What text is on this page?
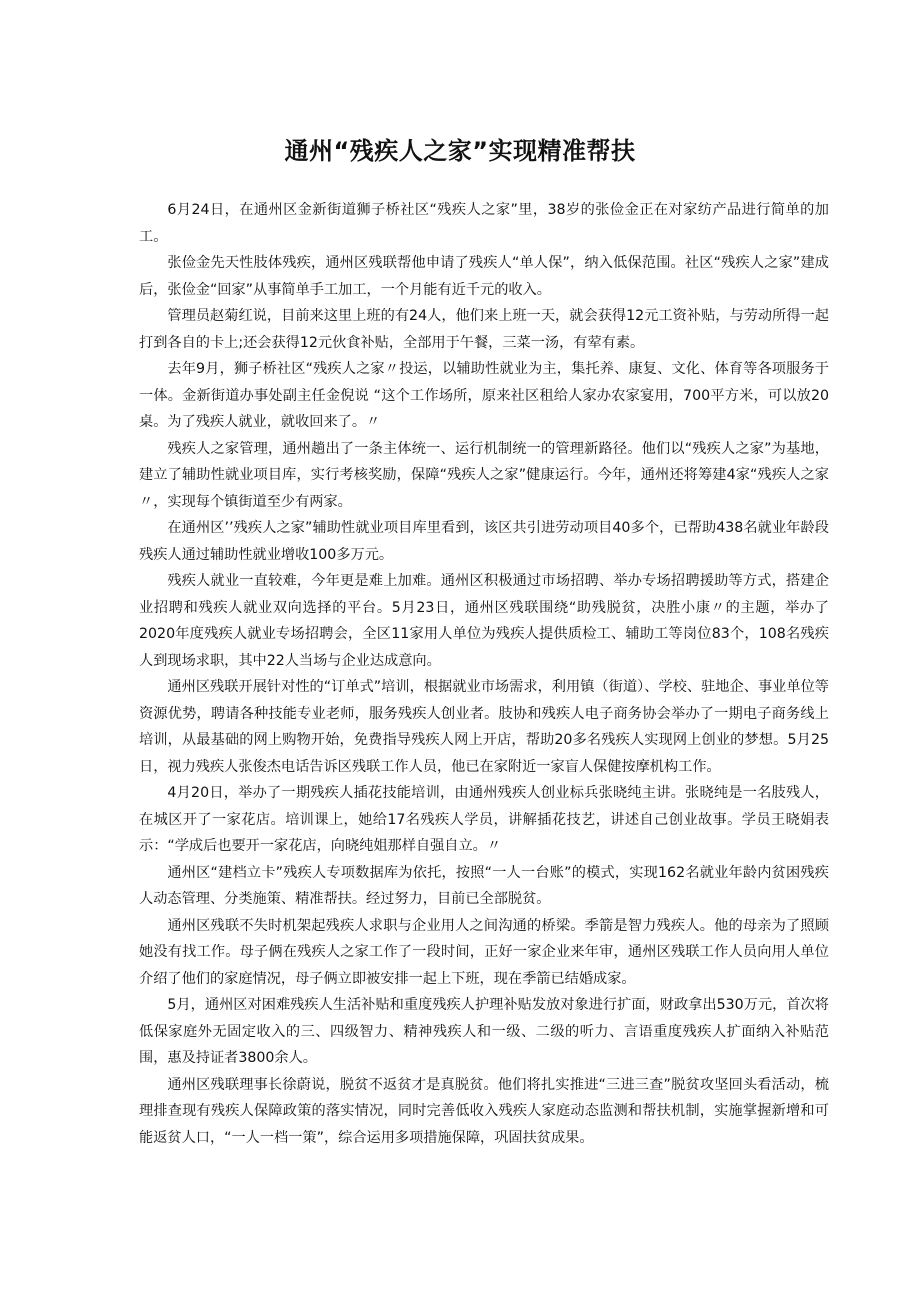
通州“残疾人之家”实现精准帮扶

6月24日，在通州区金新街道狮子桥社区“残疾人之家”里，38岁的张俭金正在对家纺产品进行简单的加工。

张俭金先天性肢体残疾，通州区残联帮他申请了残疾人“单人保”，纳入低保范围。社区“残疾人之家”建成后，张俭金“回家”从事简单手工加工，一个月能有近千元的收入。

管理员赵菊红说，目前来这里上班的有24人，他们来上班一天，就会获得12元工资补贴，与劳动所得一起打到各自的卡上;还会获得12元伙食补贴，全部用于午餐，三菜一汤，有荤有素。

去年9月，狮子桥社区“残疾人之家〃投运，以辅助性就业为主，集托养、康复、文化、体育等各项服务于一体。金新街道办事处副主任金倪说 “这个工作场所，原来社区租给人家办农家宴用，700平方米，可以放20桌。为了残疾人就业，就收回来了。〃

残疾人之家管理，通州趟出了一条主体统一、运行机制统一的管理新路径。他们以“残疾人之家”为基地，建立了辅助性就业项目库，实行考核奖励，保障“残疾人之家”健康运行。今年，通州还将筹建4家“残疾人之家〃，实现每个镇街道至少有两家。

在通州区’’残疾人之家”辅助性就业项目库里看到，该区共引进劳动项目40多个，已帮助438名就业年龄段残疾人通过辅助性就业增收100多万元。

残疾人就业一直较难，今年更是难上加难。通州区积极通过市场招聘、举办专场招聘援助等方式，搭建企业招聘和残疾人就业双向选择的平台。5月23日，通州区残联围绕“助残脱贫，决胜小康〃的主题，举办了2020年度残疾人就业专场招聘会，全区11家用人单位为残疾人提供质检工、辅助工等岗位83个，108名残疾人到现场求职，其中22人当场与企业达成意向。

通州区残联开展针对性的“订单式”培训，根据就业市场需求，利用镇（街道）、学校、驻地企、事业单位等资源优势，聘请各种技能专业老师，服务残疾人创业者。肢协和残疾人电子商务协会举办了一期电子商务线上培训，从最基础的网上购物开始，免费指导残疾人网上开店，帮助20多名残疾人实现网上创业的梦想。5月25日，视力残疾人张俊杰电话告诉区残联工作人员，他已在家附近一家盲人保健按摩机构工作。

4月20日，举办了一期残疾人插花技能培训，由通州残疾人创业标兵张晓纯主讲。张晓纯是一名肢残人，在城区开了一家花店。培训课上，她给17名残疾人学员，讲解插花技艺，讲述自己创业故事。学员王晓娟表示：“学成后也要开一家花店，向晓纯姐那样自强自立。〃

通州区“建档立卡”残疾人专项数据库为依托，按照“一人一台账”的模式，实现162名就业年龄内贫困残疾人动态管理、分类施策、精准帮扶。经过努力，目前已全部脱贫。

通州区残联不失时机架起残疾人求职与企业用人之间沟通的桥梁。季箭是智力残疾人。他的母亲为了照顾她没有找工作。母子俩在残疾人之家工作了一段时间，正好一家企业来年审，通州区残联工作人员向用人单位介绍了他们的家庭情况，母子俩立即被安排一起上下班，现在季箭已结婚成家。

5月，通州区对困难残疾人生活补贴和重度残疾人护理补贴发放对象进行扩面，财政拿出530万元，首次将低保家庭外无固定收入的三、四级智力、精神残疾人和一级、二级的听力、言语重度残疾人扩面纳入补贴范围，惠及持证者3800余人。

通州区残联理事长徐蔚说，脱贫不返贫才是真脱贫。他们将扎实推进“三进三查”脱贫攻坚回头看活动，梳理排查现有残疾人保障政策的落实情况，同时完善低收入残疾人家庭动态监测和帮扶机制，实施掌握新增和可能返贫人口，“一人一档一策”，综合运用多项措施保障，巩固扶贫成果。
